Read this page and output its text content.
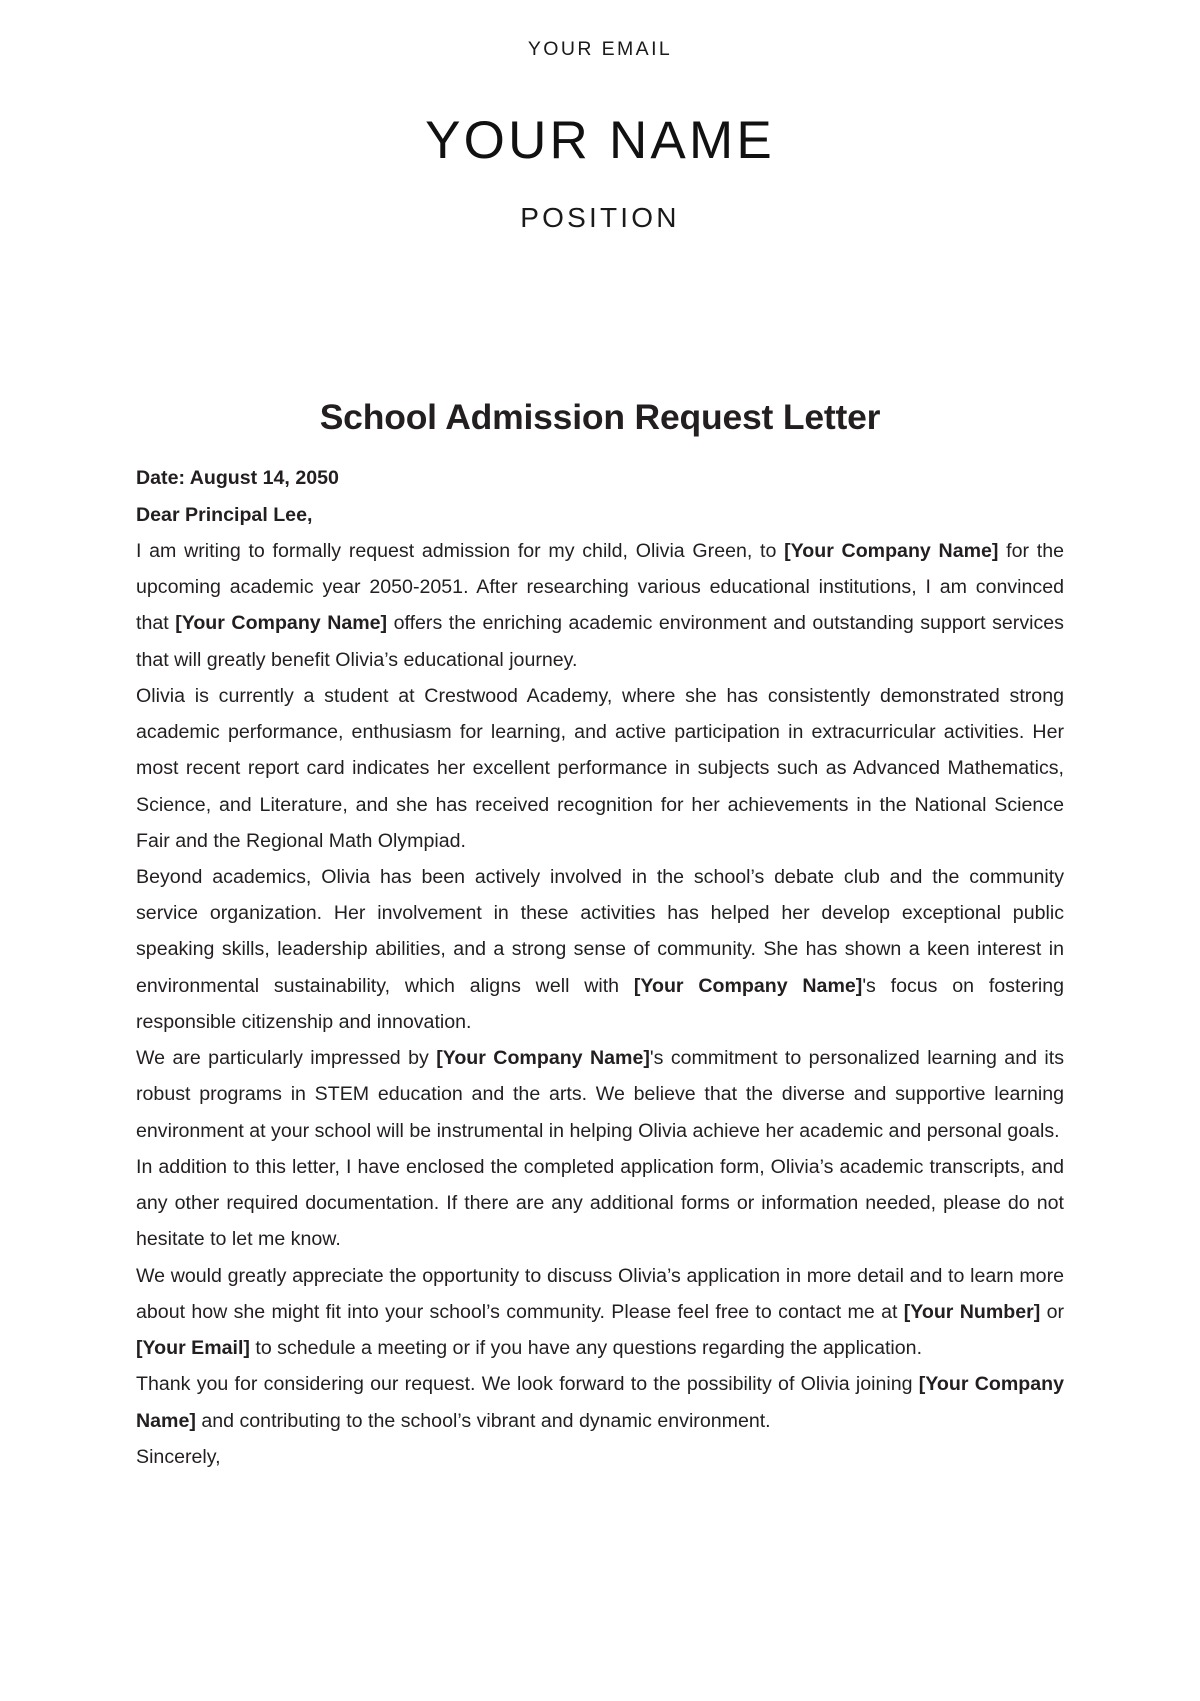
YOUR EMAIL
YOUR NAME
POSITION
School Admission Request Letter

Date: August 14, 2050

Dear Principal Lee,

I am writing to formally request admission for my child, Olivia Green, to [Your Company Name] for the upcoming academic year 2050-2051. After researching various educational institutions, I am convinced that [Your Company Name] offers the enriching academic environment and outstanding support services that will greatly benefit Olivia’s educational journey.

Olivia is currently a student at Crestwood Academy, where she has consistently demonstrated strong academic performance, enthusiasm for learning, and active participation in extracurricular activities. Her most recent report card indicates her excellent performance in subjects such as Advanced Mathematics, Science, and Literature, and she has received recognition for her achievements in the National Science Fair and the Regional Math Olympiad.

Beyond academics, Olivia has been actively involved in the school’s debate club and the community service organization. Her involvement in these activities has helped her develop exceptional public speaking skills, leadership abilities, and a strong sense of community. She has shown a keen interest in environmental sustainability, which aligns well with [Your Company Name]'s focus on fostering responsible citizenship and innovation.

We are particularly impressed by [Your Company Name]'s commitment to personalized learning and its robust programs in STEM education and the arts. We believe that the diverse and supportive learning environment at your school will be instrumental in helping Olivia achieve her academic and personal goals.

In addition to this letter, I have enclosed the completed application form, Olivia’s academic transcripts, and any other required documentation. If there are any additional forms or information needed, please do not hesitate to let me know.

We would greatly appreciate the opportunity to discuss Olivia’s application in more detail and to learn more about how she might fit into your school’s community. Please feel free to contact me at [Your Number] or [Your Email] to schedule a meeting or if you have any questions regarding the application.

Thank you for considering our request. We look forward to the possibility of Olivia joining [Your Company Name] and contributing to the school’s vibrant and dynamic environment.

Sincerely,
